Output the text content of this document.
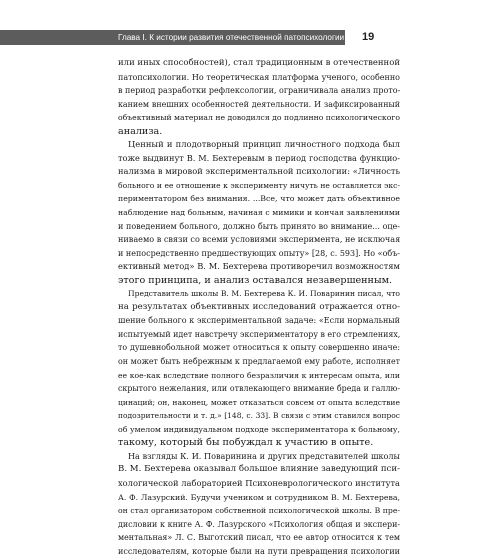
Глава I. К истории развития отечественной патопсихологии 19
или иных способностей), стал традиционным в отечественной
патопсихологии. Но теоретическая платформа ученого, особенно
в период разработки рефлексологии, ограничивала анализ прото-
канием внешних особенностей деятельности. И зафиксированный
объективный материал не доводился до подлинно психологического
анализа.
Ценный и плодотворный принцип личностного подхода был
тоже выдвинут В. М. Бехтеревым в период господства функцио-
нализма в мировой экспериментальной психологии: «Личность
больного и ее отношение к эксперименту ничуть не оставляется экс-
периментатором без внимания. ...Все, что может дать объективное
наблюдение над больным, начиная с мимики и кончая заявлениями
и поведением больного, должно быть принято во внимание... оце-
ниваемо в связи со всеми условиями эксперимента, не исключая
и непосредственно предшествующих опыту» [28, с. 593]. Но «объ-
ективный метод» В. М. Бехтерева противоречил возможностям
этого принципа, и анализ оставался незавершенным.
Представитель школы В. М. Бехтерева К. И. Поваринин писал, что
на результатах объективных исследований отражается отно-
шение больного к экспериментальной задаче: «Если нормальный
испытуемый идет навстречу экспериментатору в его стремлениях,
то душевнобольной может относиться к опыту совершенно иначе:
он может быть небрежным к предлагаемой ему работе, исполняет
ее кое-как вследствие полного безразличия к интересам опыта, или
скрытого нежелания, или отвлекающего внимание бреда и галлю-
цинаций; он, наконец, может отказаться совсем от опыта вследствие
подозрительности и т. д.» [148, с. 33]. В связи с этим ставился вопрос
об умелом индивидуальном подходе экспериментатора к больному,
такому, который бы побуждал к участию в опыте.
На взгляды К. И. Поваринина и других представителей школы
В. М. Бехтерева оказывал большое влияние заведующий пси-
хологической лабораторией Психоневрологического института
А. Ф. Лазурский. Будучи учеником и сотрудником В. М. Бехтерева,
он стал организатором собственной психологической школы. В пре-
дисловии к книге А. Ф. Лазурского «Психология общая и экспери-
ментальная» Л. С. Выготский писал, что ее автор относится к тем
исследователям, которые были на пути превращения психологии
